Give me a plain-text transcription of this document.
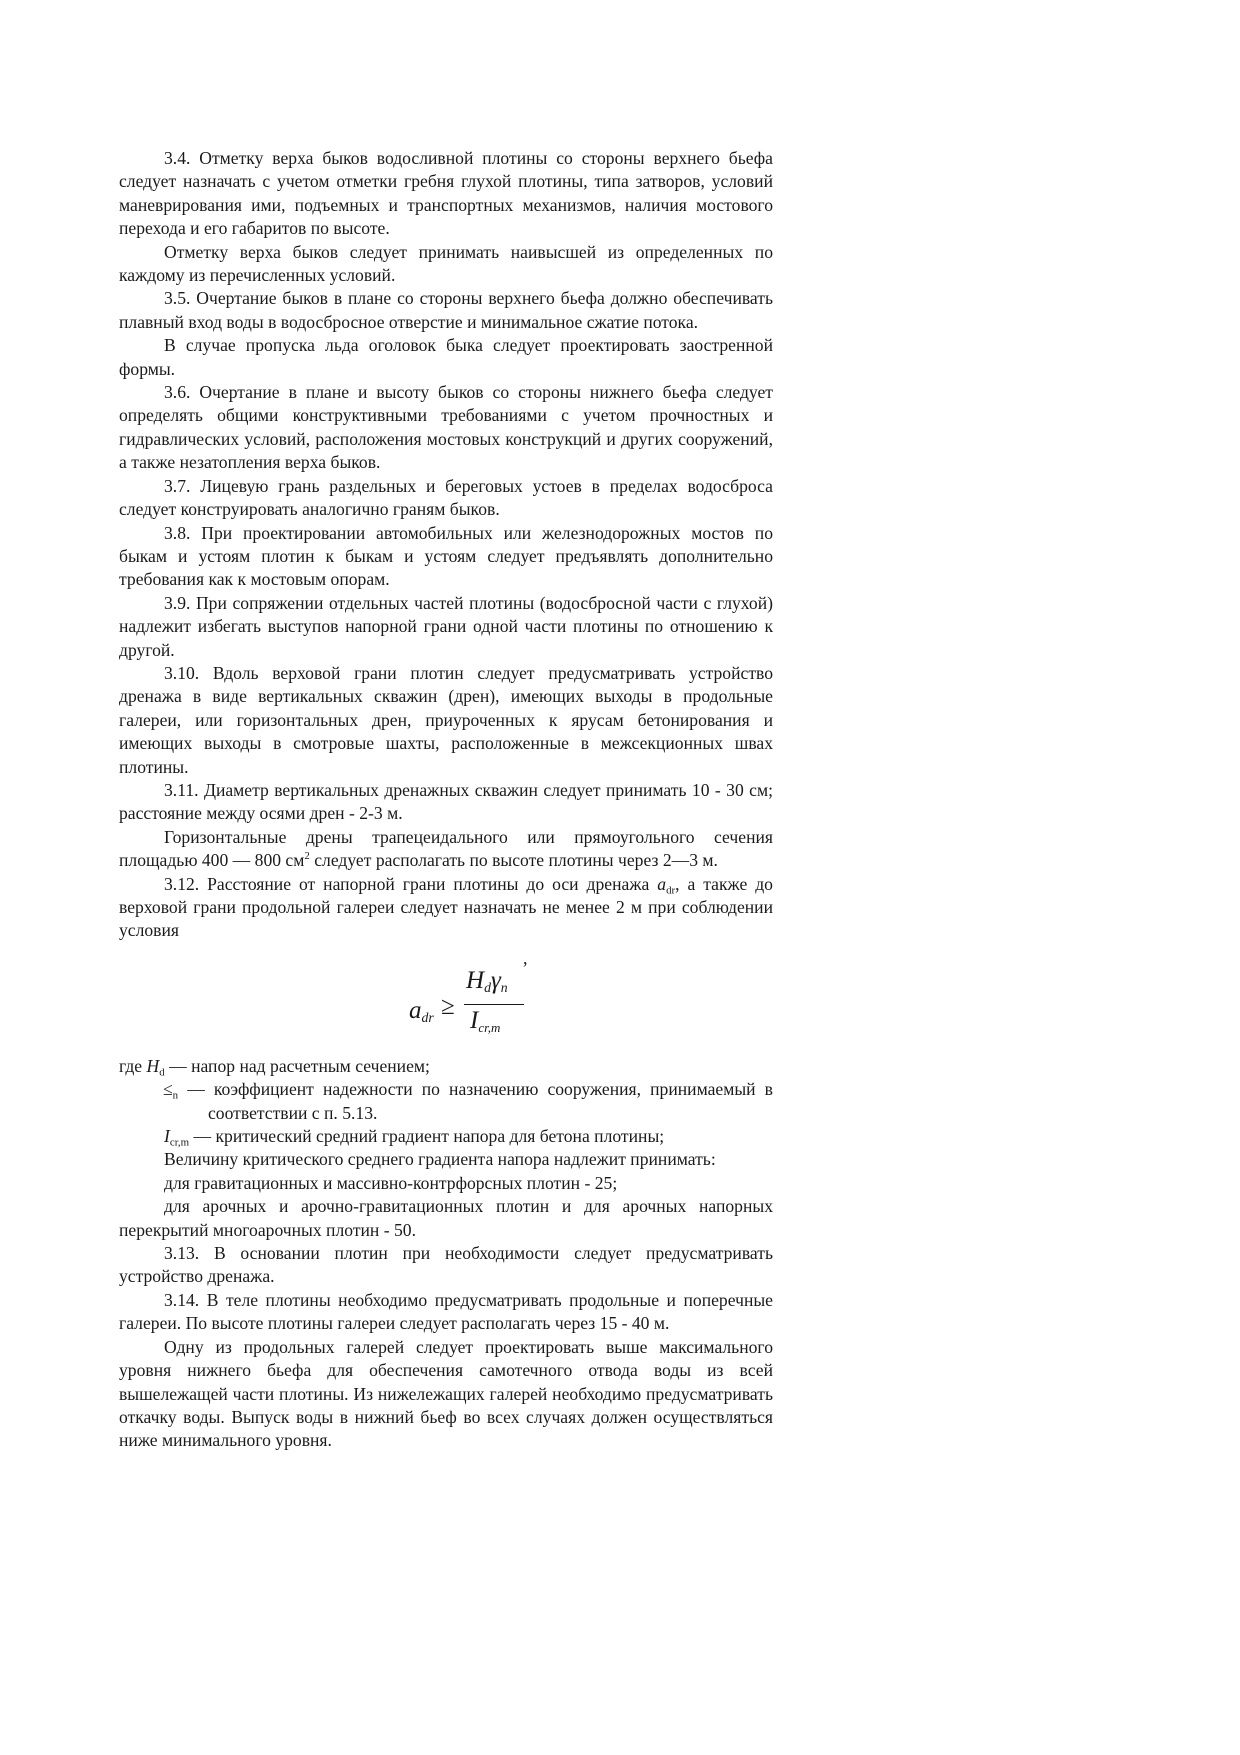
3.4. Отметку верха быков водосливной плотины со стороны верхнего бьефа следует назначать с учетом отметки гребня глухой плотины, типа затворов, условий маневрирования ими, подъемных и транспортных механизмов, наличия мостового перехода и его габаритов по высоте.

Отметку верха быков следует принимать наивысшей из определенных по каждому из перечисленных условий.

3.5. Очертание быков в плане со стороны верхнего бьефа должно обеспечивать плавный вход воды в водосбросное отверстие и минимальное сжатие потока.

В случае пропуска льда оголовок быка следует проектировать заостренной формы.

3.6. Очертание в плане и высоту быков со стороны нижнего бьефа следует определять общими конструктивными требованиями с учетом прочностных и гидравлических условий, расположения мостовых конструкций и других сооружений, а также незатопления верха быков.

3.7. Лицевую грань раздельных и береговых устоев в пределах водосброса следует конструировать аналогично граням быков.

3.8. При проектировании автомобильных или железнодорожных мостов по быкам и устоям плотин к быкам и устоям следует предъявлять дополнительно требования как к мостовым опорам.

3.9. При сопряжении отдельных частей плотины (водосбросной части с глухой) надлежит избегать выступов напорной грани одной части плотины по отношению к другой.

3.10. Вдоль верховой грани плотин следует предусматривать устройство дренажа в виде вертикальных скважин (дрен), имеющих выходы в продольные галереи, или горизонтальных дрен, приуроченных к ярусам бетонирования и имеющих выходы в смотровые шахты, расположенные в межсекционных швах плотины.

3.11. Диаметр вертикальных дренажных скважин следует принимать 10 - 30 см; расстояние между осями дрен - 2-3 м.

Горизонтальные дрены трапецеидального или прямоугольного сечения площадью 400 — 800 $см^2$ следует располагать по высоте плотины через 2—3 м.

3.12. Расстояние от напорной грани плотины до оси дренажа $a_{dr}$, а также до верховой грани продольной галереи следует назначать не менее 2 м при соблюдении условия

,
$a_{dr}$ ≥
$H_d\gamma_n$
$I_{cr,m}$

где $H_d$ — напор над расчетным сечением;

$\le_n$ — коэффициент надежности по назначению сооружения, принимаемый в соответствии с п. 5.13.

$I_{cr,m}$ — критический средний градиент напора для бетона плотины;

Величину критического среднего градиента напора надлежит принимать:

для гравитационных и массивно-контрфорсных плотин - 25;

для арочных и арочно-гравитационных плотин и для арочных напорных перекрытий многоарочных плотин - 50.

3.13. В основании плотин при необходимости следует предусматривать устройство дренажа.

3.14. В теле плотины необходимо предусматривать продольные и поперечные галереи. По высоте плотины галереи следует располагать через 15 - 40 м.

Одну из продольных галерей следует проектировать выше максимального уровня нижнего бьефа для обеспечения самотечного отвода воды из всей вышележащей части плотины. Из нижележащих галерей необходимо предусматривать откачку воды. Выпуск воды в нижний бьеф во всех случаях должен осуществляться ниже минимального уровня.
